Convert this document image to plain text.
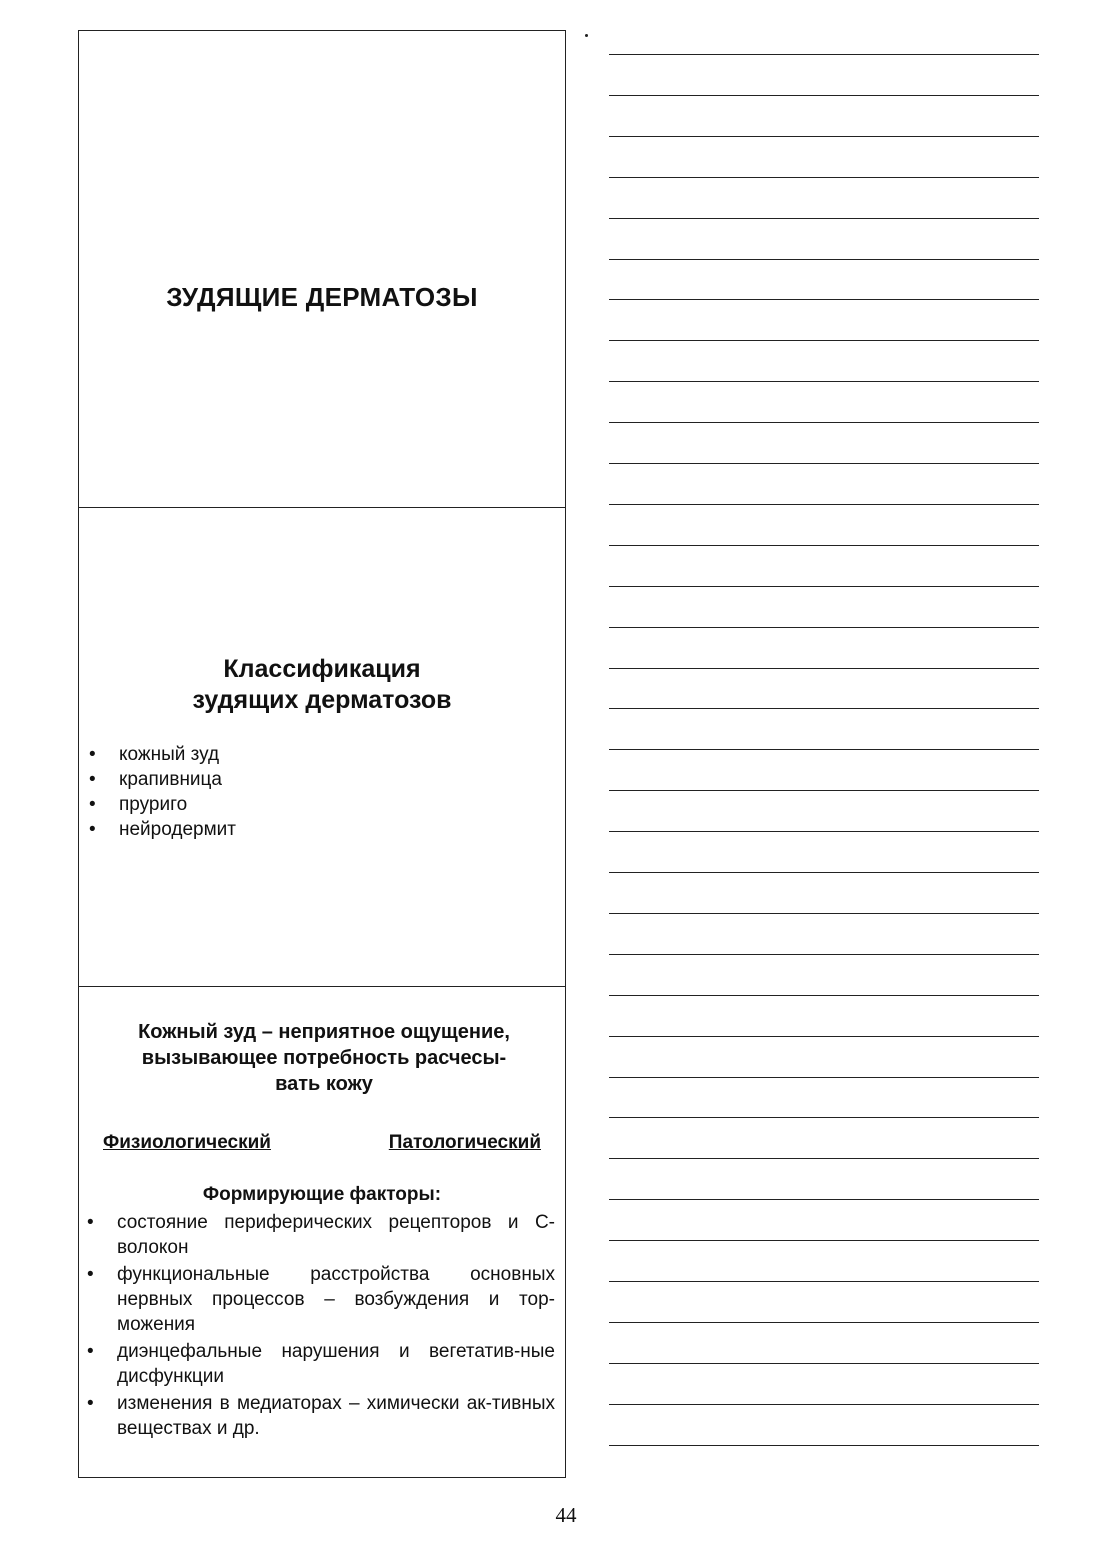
ЗУДЯЩИЕ ДЕРМАТОЗЫ
Классификация
зудящих дерматозов
• кожный зуд
• крапивница
• пруриго
• нейродермит

Кожный зуд – неприятное ощущение,
вызывающее потребность расчесы-
вать кожу

Физиологический	Патологический

Формирующие факторы:

• состояние периферических рецепторов и С-волокон
• функциональные расстройства основных нервных процессов – возбуждения и тор-можения
• диэнцефальные нарушения и вегетатив-ные дисфункции
• изменения в медиаторах – химически ак-тивных веществах и др.
44
